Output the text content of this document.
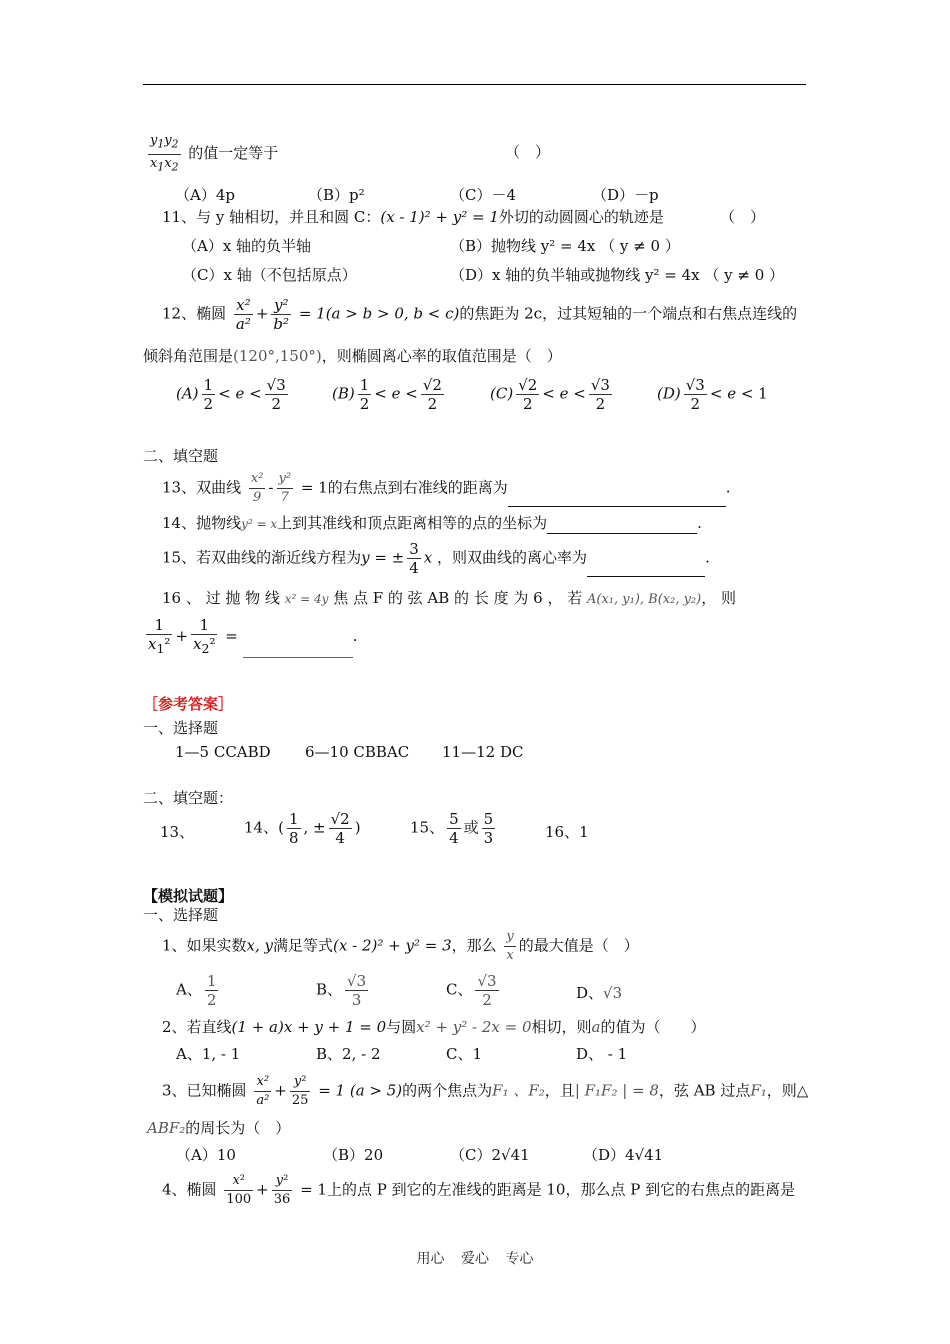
$\frac{y_1y_2}{x_1x_2}$ 的值一定等于	（　）
（A）4p	（B）p²	（C）－4	（D）－p
11、与 y 轴相切，并且和圆 C：(x - 1)² + y² = 1外切的动圆圆心的轨迹是	（　）
（A）x 轴的负半轴	（B）抛物线 y² = 4x （ y ≠ 0 ）
（C）x 轴（不包括原点）	（D）x 轴的负半轴或抛物线 y² = 4x （ y ≠ 0 ）
12、椭圆 $\frac{\text{x²}}{\text{a²}} + \frac{\text{y²}}{\text{b²}} = 1(a > b > 0$, b < c)的焦距为 2c，过其短轴的一个端点和右焦点连线的
倾斜角范围是(120°,150°)，则椭圆离心率的取值范围是（　）
$(A) \frac{1}{2} < e < \frac{√3}{2}$	$(B) \frac{1}{2} < e < \frac{√2}{2}$	$(C) \frac{√2}{2} < e < \frac{√3}{2}$	$(D) \frac{√3}{2} < e < 1$
二、填空题
13、双曲线 $\frac{\text{x²}}{9} - \frac{\text{y²}}{7} = 1$的右焦点到右准线的距离为	.
14、抛物线y² = x上到其准线和顶点距离相等的点的坐标为	.
15、若双曲线的渐近线方程为y = ± $\frac{3}{4}$ x ，则双曲线的离心率为	.
16 、 过 抛 物 线 x² = 4y 焦 点 F 的 弦 AB 的 长 度 为 6 ， 若 A(x₁, y₁), B(x₂, y₂)， 则
$\frac{1}{x_1^2} + \frac{1}{x_2^2}$ =	.
［参考答案］
一、选择题
1—5 CCABD 6—10 CBBAC 11—12 DC
二、填空题：
13、	14、( $\frac{1}{8}$ , ± $\frac{√2}{4}$ )	15、 $\frac{5}{4}$ 或 $\frac{5}{3}$	16、1
【模拟试题】
一、选择题
1、如果实数x, y满足等式(x - 2)² + y² = 3，那么 $\frac{y}{x}$ 的最大值是（　）
A、 $\frac{1}{2}$	B、 $\frac{√3}{3}$	C、 $\frac{√3}{2}$	D、√3
2、若直线(1 + a)x + y + 1 = 0与圆x² + y² - 2x = 0相切，则a的值为（　　）
A、1, - 1	B、2, - 2	C、1	D、 - 1
3、已知椭圆 $\frac{\text{x²}}{\text{a²}} + \frac{\text{y²}}{25} = 1$ (a > 5)的两个焦点为F₁ 、F₂，且| F₁F₂ | = 8，弦 AB 过点F₁，则△
ABF₂的周长为（　）
（A）10	（B）20	（C）2√41	（D）4√41
4、椭圆 $\frac{\text{x²}}{100} + \frac{\text{y²}}{36} = 1$上的点 P 到它的左准线的距离是 10，那么点 P 到它的右焦点的距离是
用心 爱心 专心
